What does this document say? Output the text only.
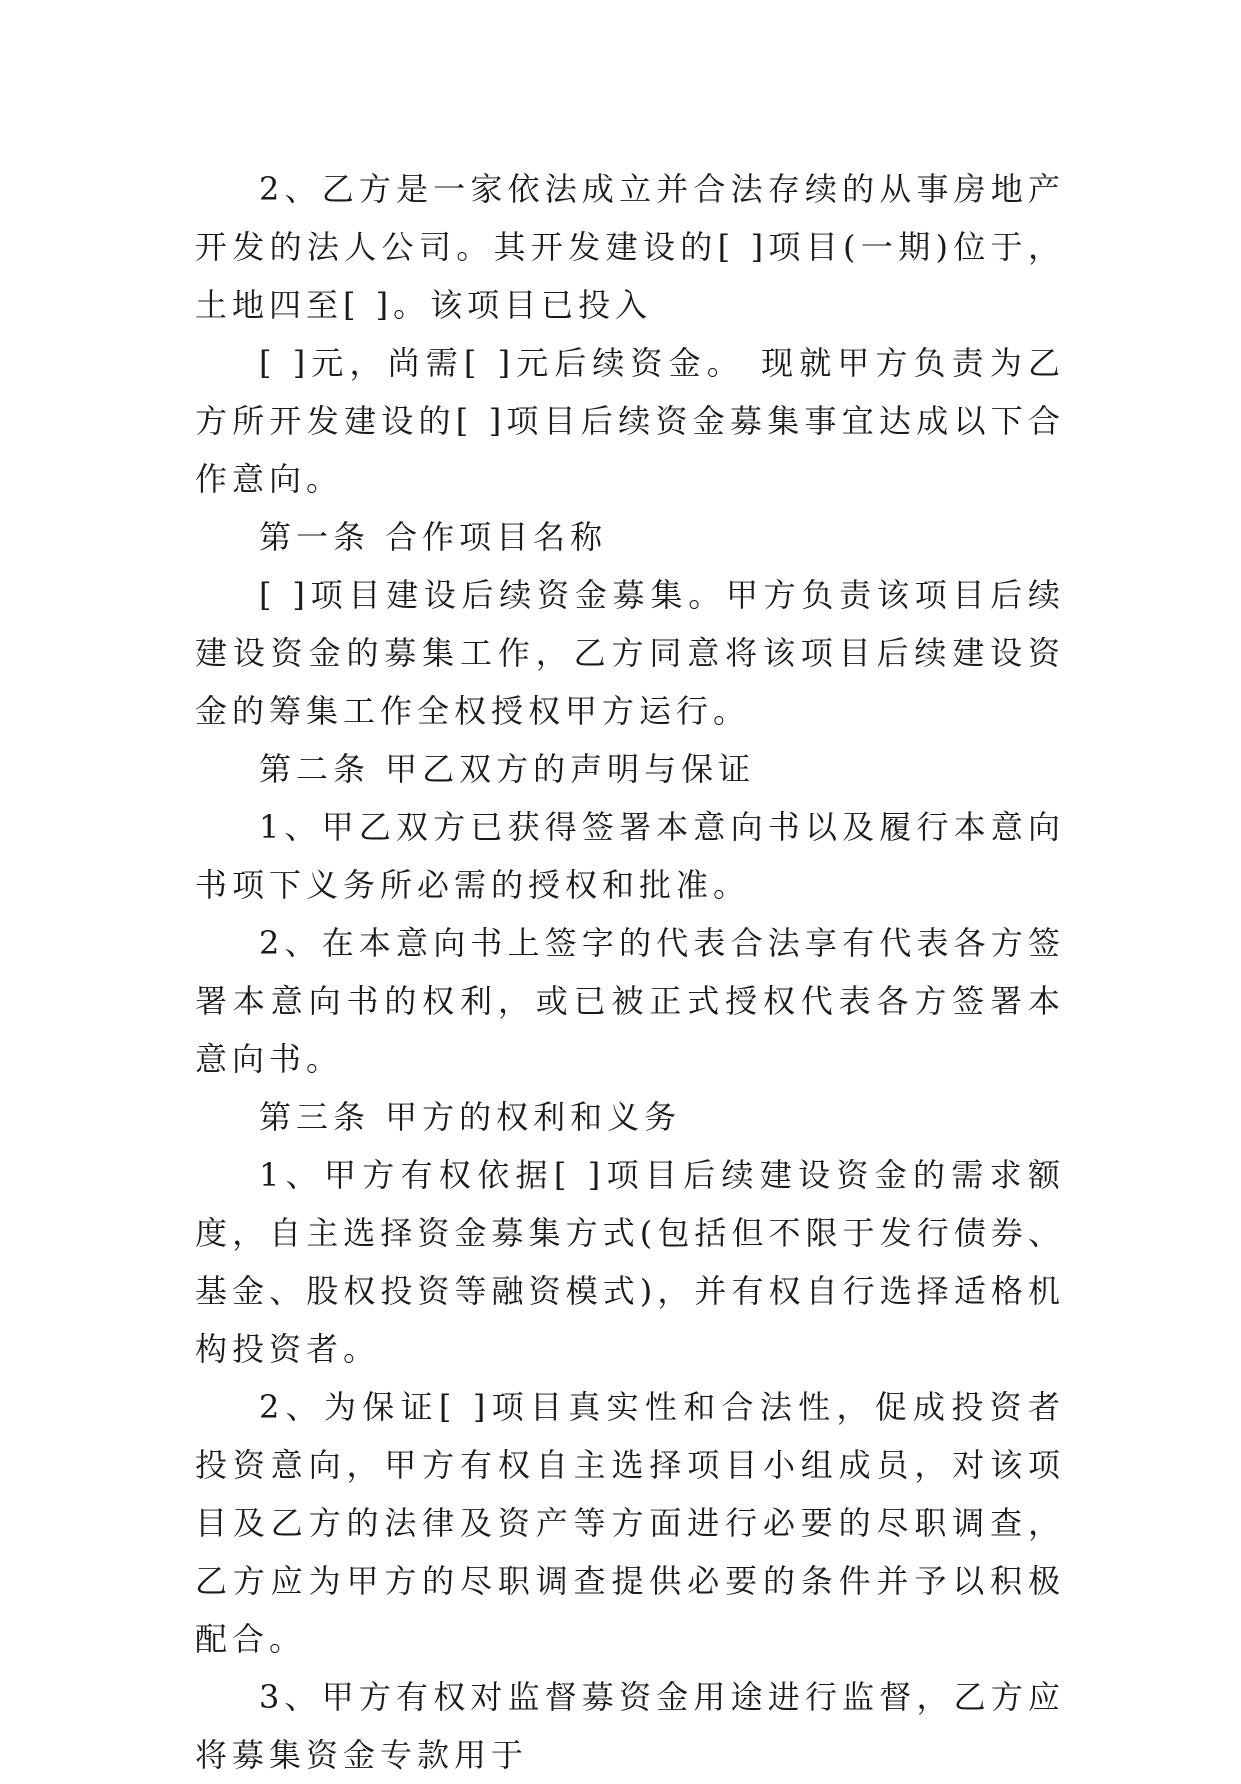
2、乙方是一家依法成立并合法存续的从事房地产开发的法人公司。其开发建设的[ ]项目(一期)位于，土地四至[ ]。该项目已投入

[ ]元，尚需[ ]元后续资金。 现就甲方负责为乙方所开发建设的[ ]项目后续资金募集事宜达成以下合作意向。

第一条 合作项目名称

[ ]项目建设后续资金募集。甲方负责该项目后续建设资金的募集工作，乙方同意将该项目后续建设资金的筹集工作全权授权甲方运行。

第二条 甲乙双方的声明与保证

1、甲乙双方已获得签署本意向书以及履行本意向书项下义务所必需的授权和批准。

2、在本意向书上签字的代表合法享有代表各方签署本意向书的权利，或已被正式授权代表各方签署本意向书。

第三条 甲方的权利和义务

1、甲方有权依据[ ]项目后续建设资金的需求额度，自主选择资金募集方式(包括但不限于发行债券、基金、股权投资等融资模式)，并有权自行选择适格机构投资者。

2、为保证[ ]项目真实性和合法性，促成投资者投资意向，甲方有权自主选择项目小组成员，对该项目及乙方的法律及资产等方面进行必要的尽职调查，乙方应为甲方的尽职调查提供必要的条件并予以积极配合。

3、甲方有权对监督募资金用途进行监督，乙方应将募集资金专款用于
